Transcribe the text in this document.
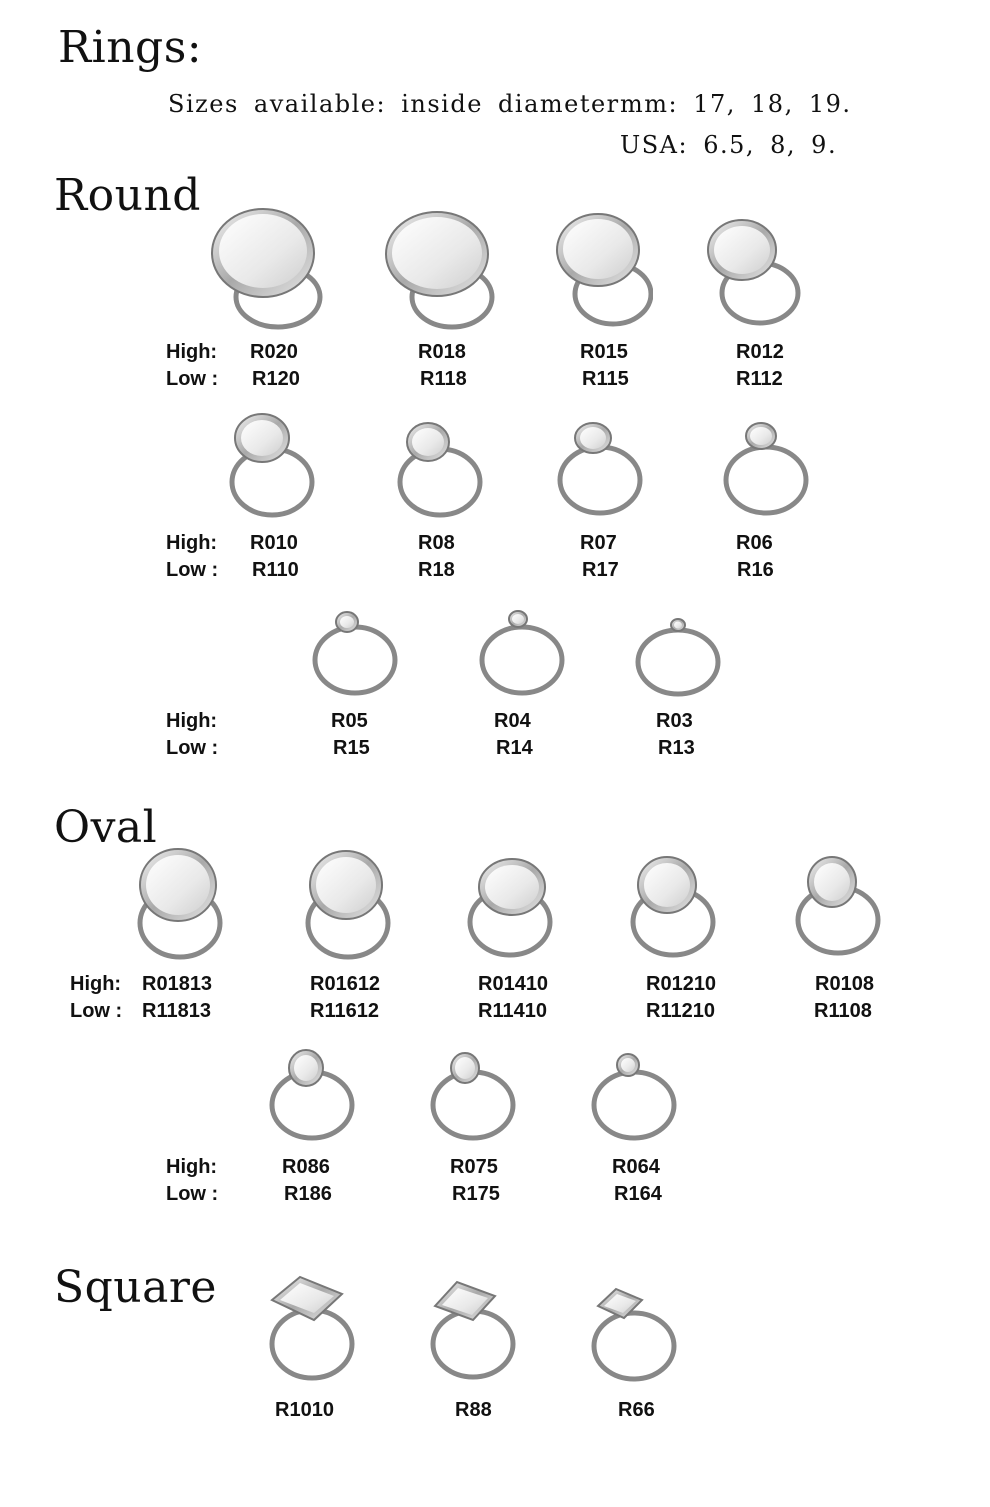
Rings:
Sizes available: inside diameter mm: 17, 18, 19.
USA: 6.5, 8, 9.
Round
High:
Low :
R020
R120
R018
R118
R015
R115
R012
R112
High:
Low :
R010
R110
R08
R18
R07
R17
R06
R16
High:
Low :
R05
R15
R04
R14
R03
R13
Oval
High:
Low :
R01813
R11813
R01612
R11612
R01410
R11410
R01210
R11210
R0108
R1108
High:
Low :
R086
R186
R075
R175
R064
R164
Square
R1010	R88	R66
